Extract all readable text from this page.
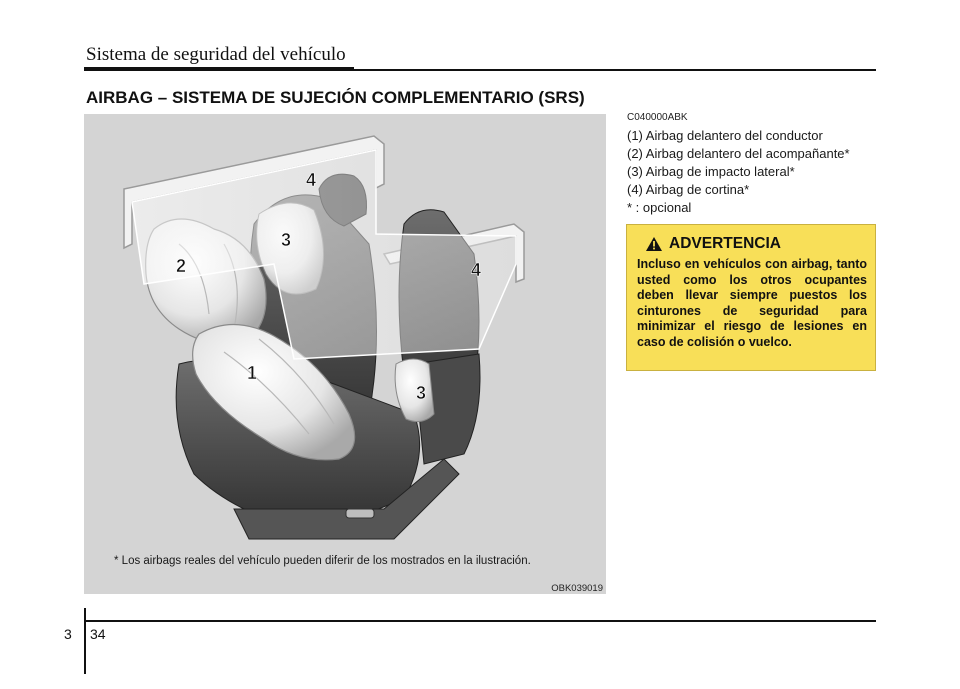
Sistema de seguridad del vehículo
AIRBAG – SISTEMA DE SUJECIÓN COMPLEMENTARIO (SRS)
4
3
2	4
1
3
* Los airbags reales del vehículo pueden diferir de los mostrados en la ilustración.
OBK039019
C040000ABK
(1) Airbag delantero del conductor
(2) Airbag delantero del acompañante*
(3) Airbag de impacto lateral*
(4) Airbag de cortina*
* : opcional
ADVERTENCIA
Incluso en vehículos con airbag, tanto usted como los otros ocupantes deben llevar siempre puestos los cinturones de seguridad para minimizar el riesgo de lesiones en caso de colisión o vuelco.
3 34
